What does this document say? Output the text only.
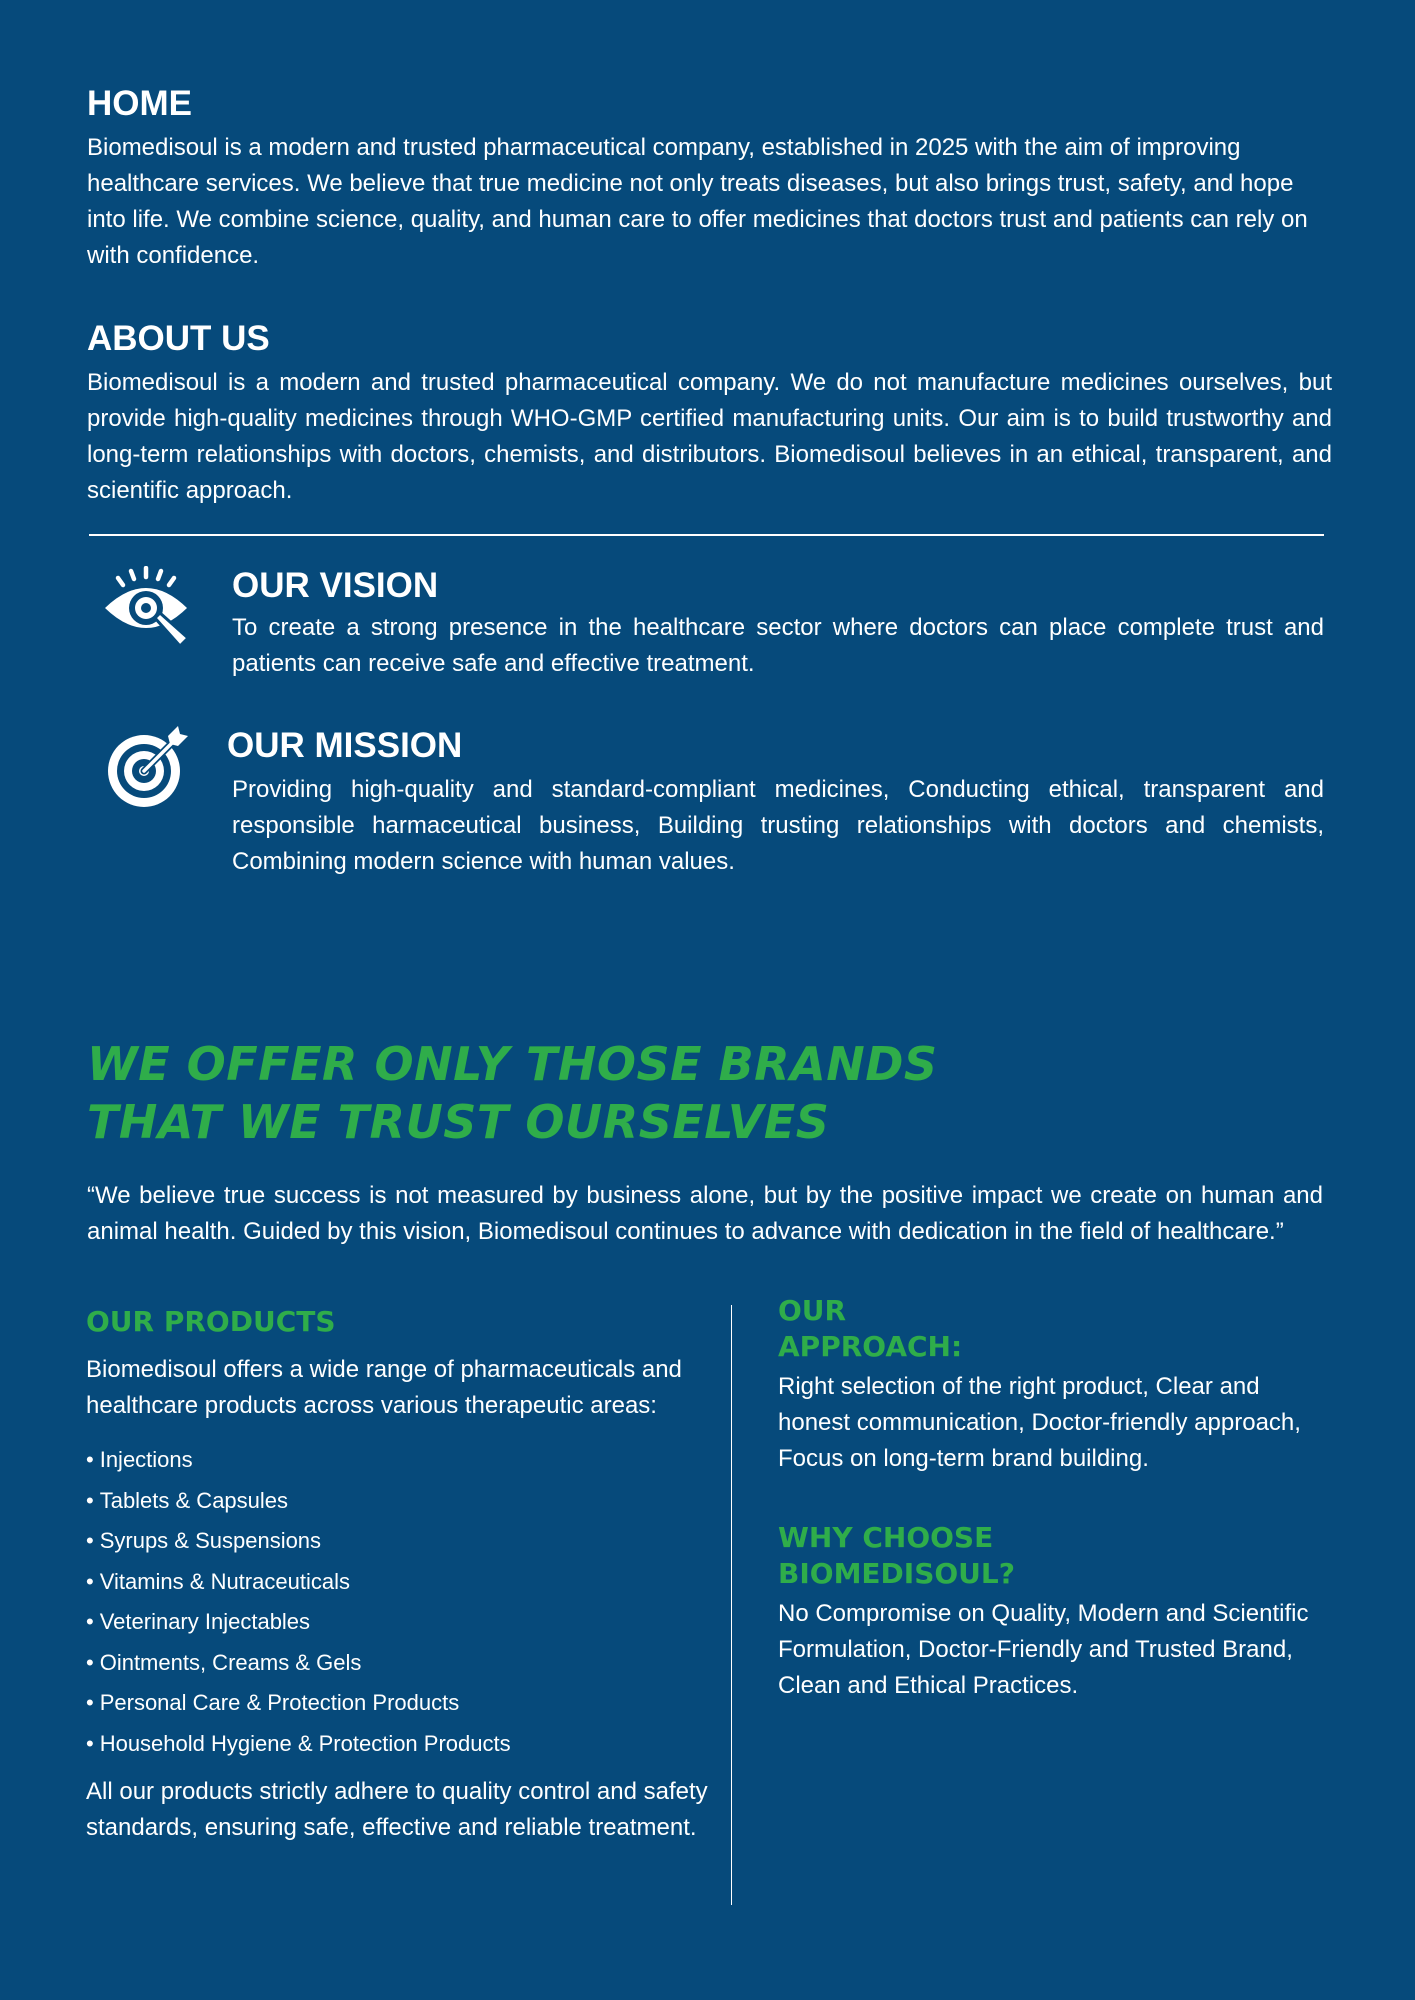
HOME

Biomedisoul is a modern and trusted pharmaceutical company, established in 2025 with the aim of improving healthcare services. We believe that true medicine not only treats diseases, but also brings trust, safety, and hope into life. We combine science, quality, and human care to offer medicines that doctors trust and patients can rely on with confidence.

ABOUT US

Biomedisoul is a modern and trusted pharmaceutical company. We do not manufacture medicines ourselves, but provide high-quality medicines through WHO-GMP certified manufacturing units. Our aim is to build trustworthy and long-term relationships with doctors, chemists, and distributors. Biomedisoul believes in an ethical, transparent, and scientific approach.

OUR VISION

To create a strong presence in the healthcare sector where doctors can place complete trust and patients can receive safe and effective treatment.

OUR MISSION

Providing high-quality and standard-compliant medicines, Conducting ethical, transparent and responsible harmaceutical business, Building trusting relationships with doctors and chemists, Combining modern science with human values.

WE OFFER ONLY THOSE BRANDS
THAT WE TRUST OURSELVES

“We believe true success is not measured by business alone, but by the positive impact we create on human and animal health. Guided by this vision, Biomedisoul continues to advance with dedication in the field of healthcare.”

OUR PRODUCTS

Biomedisoul offers a wide range of pharmaceuticals and healthcare products across various therapeutic areas:

• Injections
• Tablets & Capsules
• Syrups & Suspensions
• Vitamins & Nutraceuticals
• Veterinary Injectables
• Ointments, Creams & Gels
• Personal Care & Protection Products
• Household Hygiene & Protection Products

All our products strictly adhere to quality control and safety standards, ensuring safe, effective and reliable treatment.

OUR
APPROACH:

Right selection of the right product, Clear and honest communication, Doctor-friendly approach, Focus on long-term brand building.

WHY CHOOSE
BIOMEDISOUL?

No Compromise on Quality, Modern and Scientific Formulation, Doctor-Friendly and Trusted Brand, Clean and Ethical Practices.
